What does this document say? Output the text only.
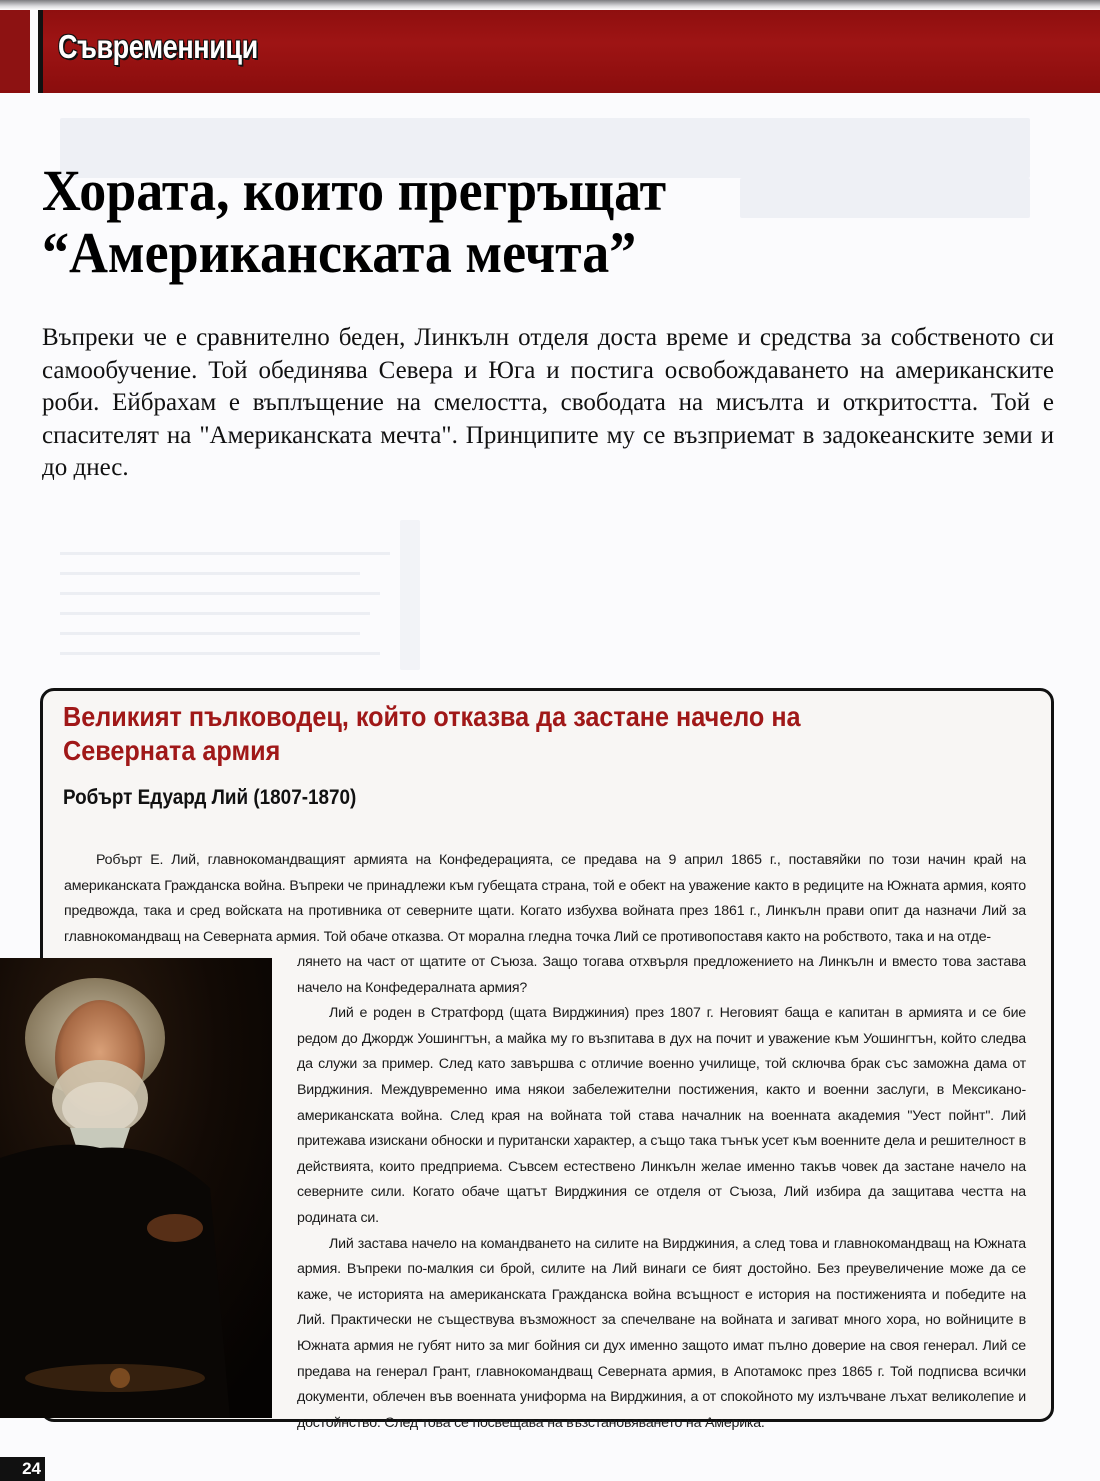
Съвременници
Хората, които прегръщат
“Американската мечта”

Въпреки че е сравнително беден, Линкълн отделя доста време и средства за собственото си самообучение. Той обединява Севера и Юга и постига освобождаването на американските роби. Ейбрахам е въплъщение на смелостта, свободата на мисълта и откритостта. Той е спасителят на "Американската мечта". Принципите му се възприемат в задокеанските земи и до днес.

Великият пълководец, който отказва да застане начело на Северната армия
Робърт Едуард Лий (1807-1870)

Робърт Е. Лий, главнокомандващият армията на Конфедерацията, се предава на 9 април 1865 г., поставяйки по този начин край на американската Гражданска война. Въпреки че принадлежи към губещата страна, той е обект на уважение както в редиците на Южната армия, която предвожда, така и сред войската на противника от северните щати. Когато избухва войната през 1861 г., Линкълн прави опит да назначи Лий за главнокомандващ на Северната армия. Той обаче отказва. От морална гледна точка Лий се противопоставя както на робството, така и на отде-

лянето на част от щатите от Съюза. Защо тогава отхвърля предложението на Линкълн и вместо това застава начело на Конфедералната армия?

Лий е роден в Стратфорд (щата Вирджиния) през 1807 г. Неговият баща е капитан в армията и се бие редом до Джордж Уошингтън, а майка му го възпитава в дух на почит и уважение към Уошингтън, който следва да служи за пример. След като завършва с отличие военно училище, той сключва брак със заможна дама от Вирджиния. Междувременно има някои забележителни постижения, както и военни заслуги, в Мексикано-американската война. След края на войната той става началник на военната академия "Уест пойнт". Лий притежава изискани обноски и пуритански характер, а също така тънък усет към военните дела и решителност в действията, които предприема. Съвсем естествено Линкълн желае именно такъв човек да застане начело на северните сили. Когато обаче щатът Вирджиния се отделя от Съюза, Лий избира да защитава честта на родината си.

Лий застава начело на командването на силите на Вирджиния, а след това и главнокомандващ на Южната армия. Въпреки по-малкия си брой, силите на Лий винаги се бият достойно. Без преувеличение може да се каже, че историята на американската Гражданска война всъщност е история на постиженията и победите на Лий. Практически не съществува възможност за спечелване на войната и загиват много хора, но войниците в Южната армия не губят нито за миг бойния си дух именно защото имат пълно доверие на своя генерал. Лий се предава на генерал Грант, главнокомандващ Северната армия, в Апотамокс през 1865 г. Той подписва всички документи, облечен във военната униформа на Вирджиния, а от спокойното му излъчване лъхат великолепие и достойнство. След това се посвещава на възстановяването на Америка.

24
